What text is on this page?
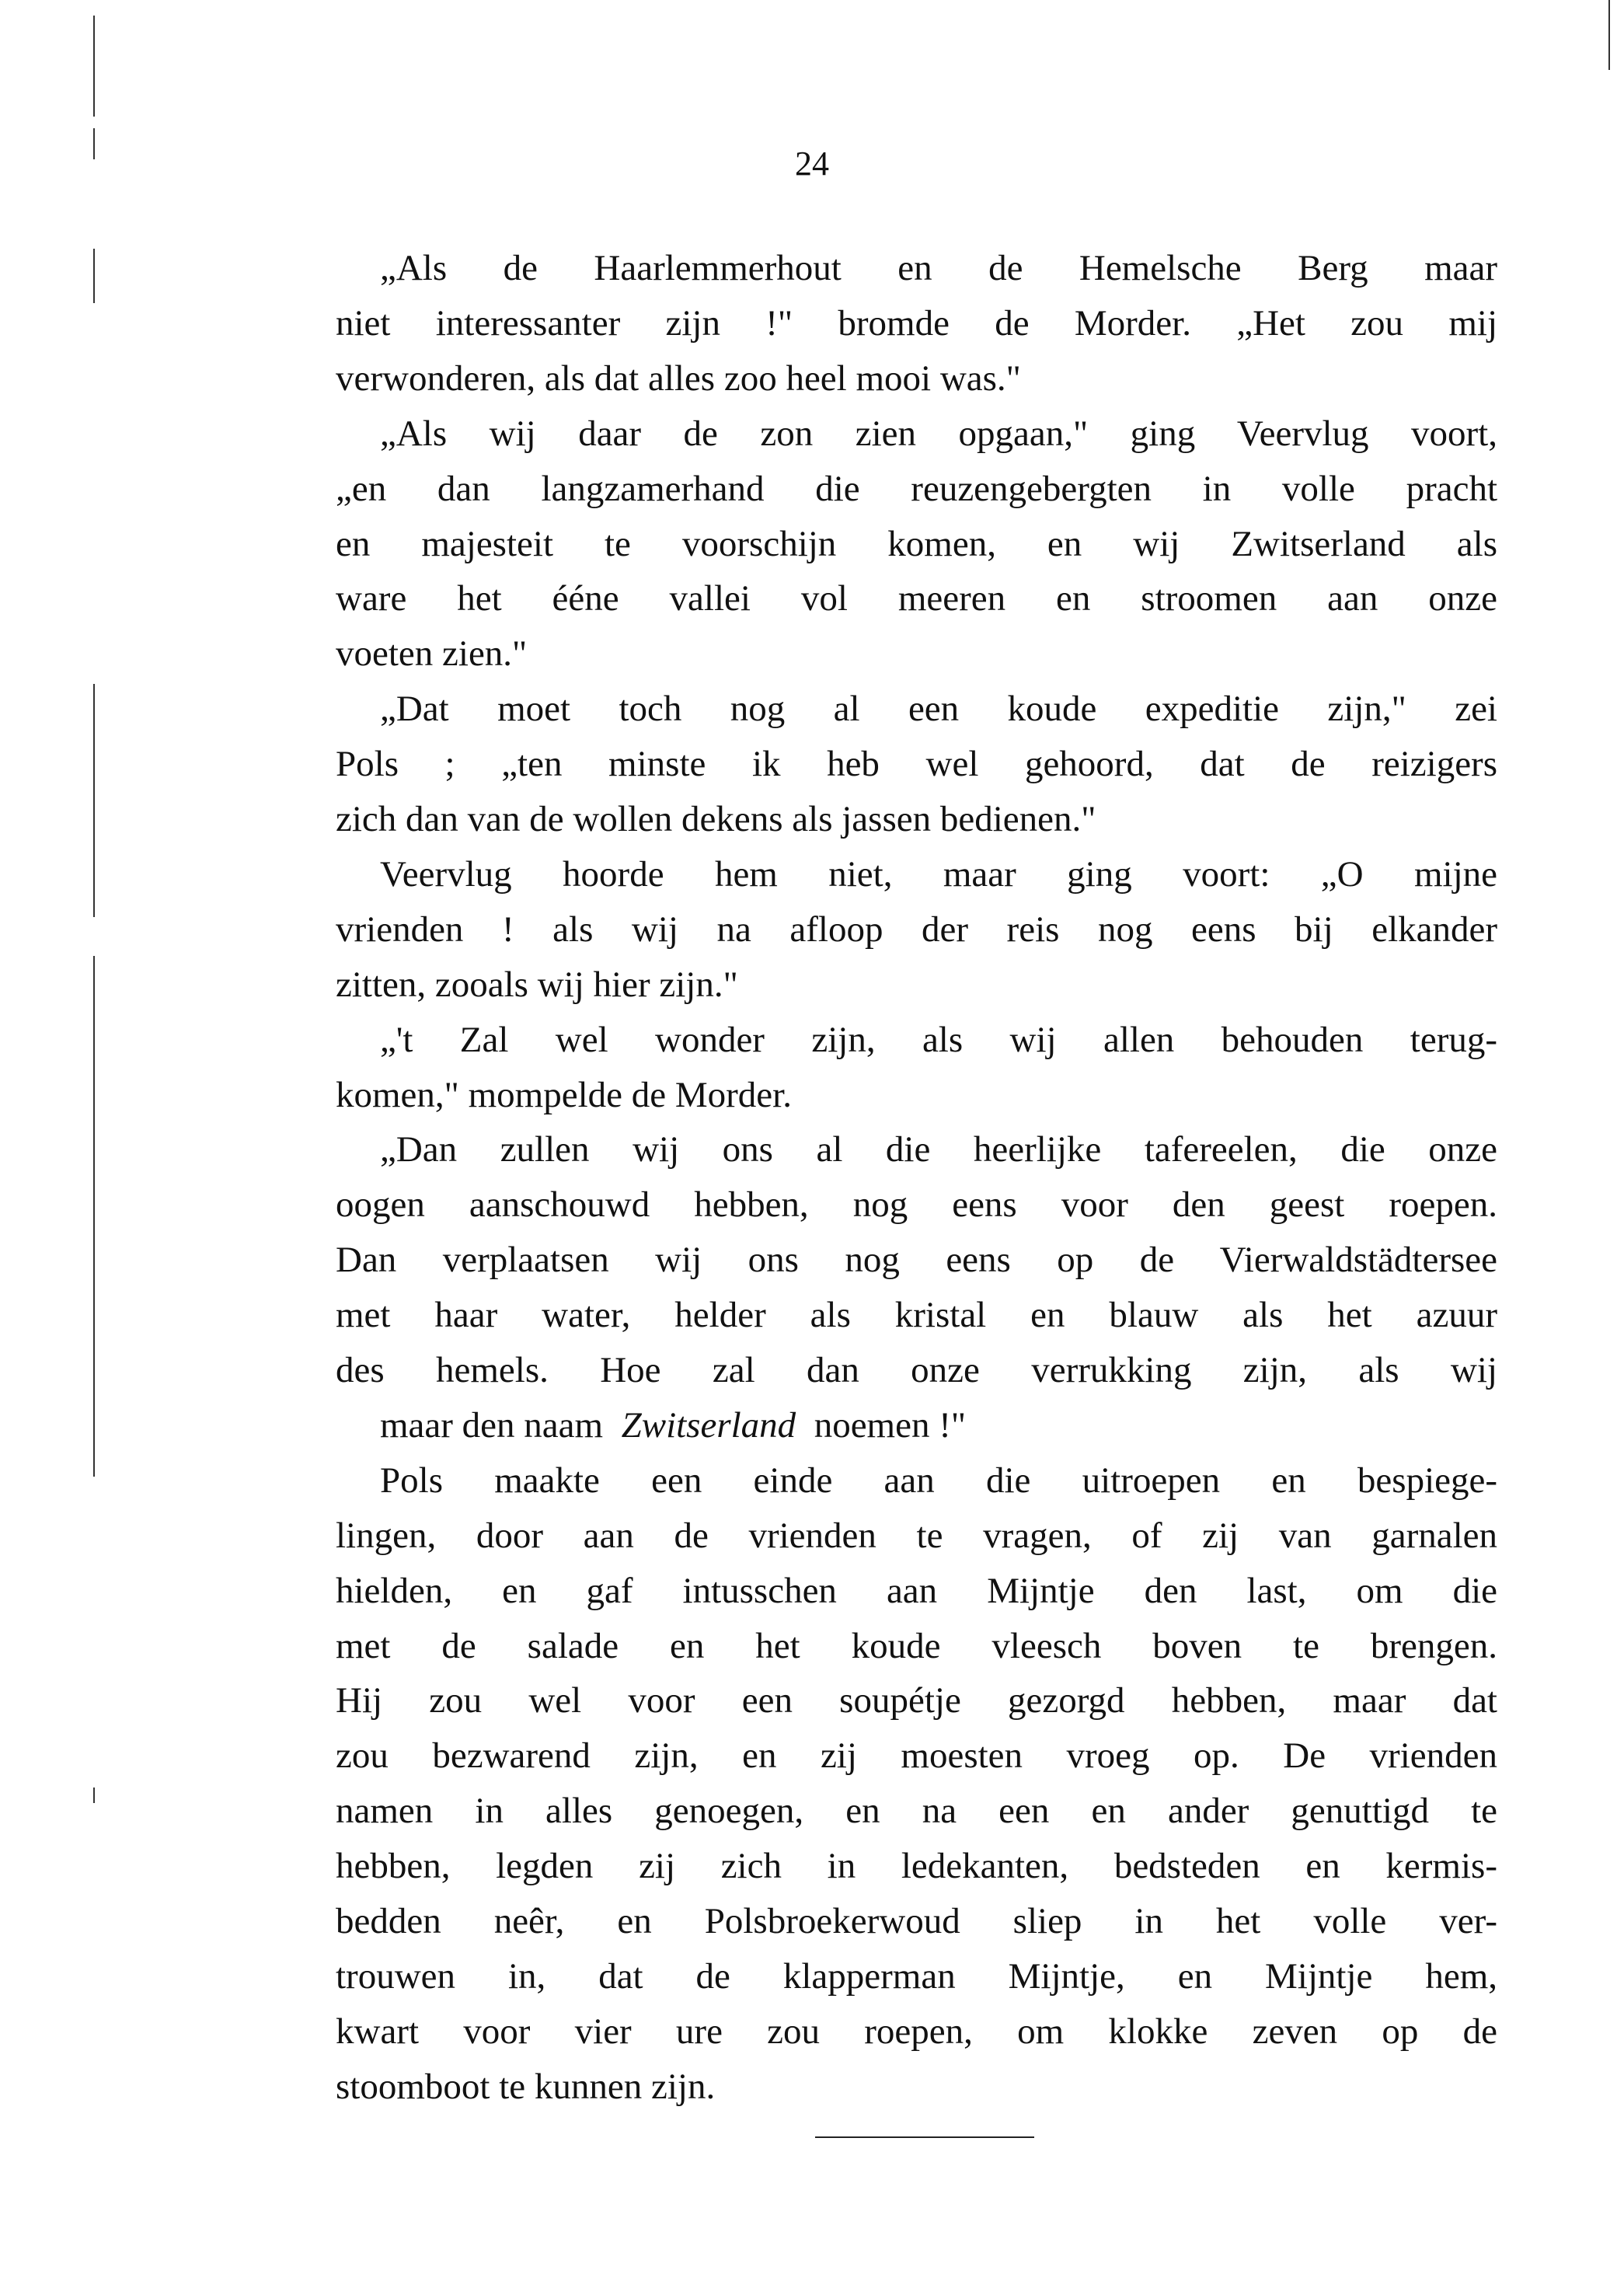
24
„Als de Haarlemmerhout en de Hemelsche Berg maar
niet interessanter zijn !" bromde de Morder. „Het zou mij
verwonderen, als dat alles zoo heel mooi was."
„Als wij daar de zon zien opgaan," ging Veervlug voort,
„en dan langzamerhand die reuzengebergten in volle pracht
en majesteit te voorschijn komen, en wij Zwitserland als
ware het ééne vallei vol meeren en stroomen aan onze
voeten zien."
„Dat moet toch nog al een koude expeditie zijn," zei
Pols ; „ten minste ik heb wel gehoord, dat de reizigers
zich dan van de wollen dekens als jassen bedienen."
Veervlug hoorde hem niet, maar ging voort: „O mijne
vrienden ! als wij na afloop der reis nog eens bij elkander
zitten, zooals wij hier zijn."
„'t Zal wel wonder zijn, als wij allen behouden terug-
komen," mompelde de Morder.
„Dan zullen wij ons al die heerlijke tafereelen, die onze
oogen aanschouwd hebben, nog eens voor den geest roepen.
Dan verplaatsen wij ons nog eens op de Vierwaldstädtersee
met haar water, helder als kristal en blauw als het azuur
des hemels. Hoe zal dan onze verrukking zijn, als wij
maar den naam  Zwitserland  noemen !"
Pols maakte een einde aan die uitroepen en bespiege-
lingen, door aan de vrienden te vragen, of zij van garnalen
hielden, en gaf intusschen aan Mijntje den last, om die
met de salade en het koude vleesch boven te brengen.
Hij zou wel voor een soupétje gezorgd hebben, maar dat
zou bezwarend zijn, en zij moesten vroeg op. De vrienden
namen in alles genoegen, en na een en ander genuttigd te
hebben, legden zij zich in ledekanten, bedsteden en kermis-
bedden neêr, en Polsbroekerwoud sliep in het volle ver-
trouwen in, dat de klapperman Mijntje, en Mijntje hem,
kwart voor vier ure zou roepen, om klokke zeven op de
stoomboot te kunnen zijn.
